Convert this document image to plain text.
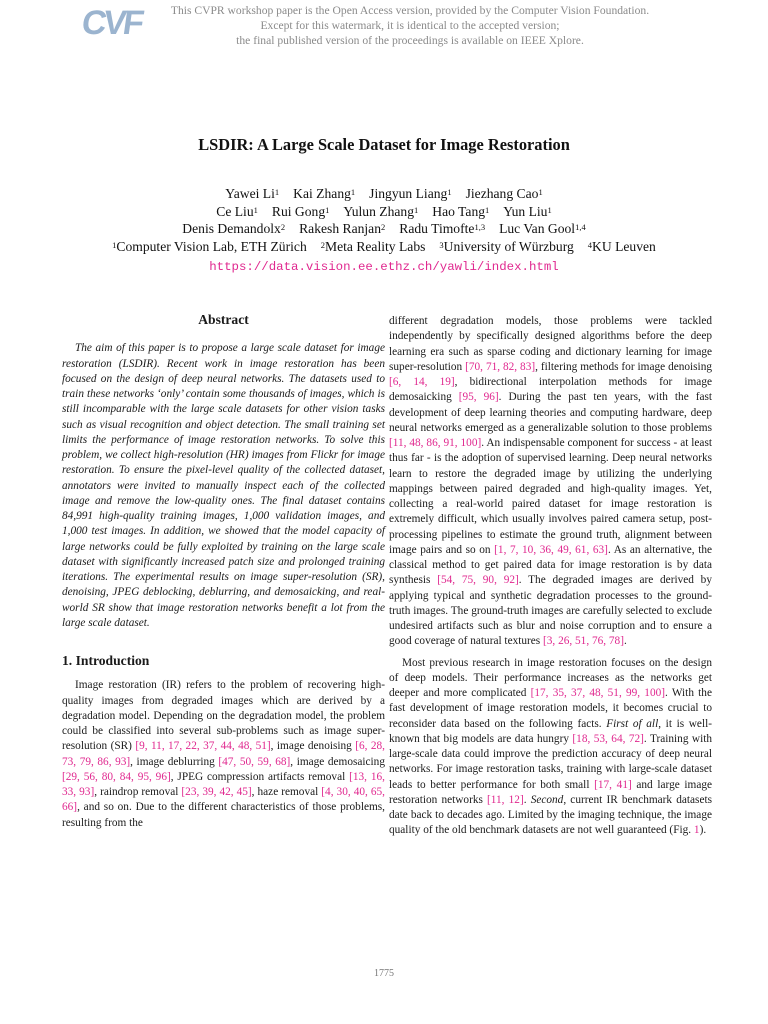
CVF	This CVPR workshop paper is the Open Access version, provided by the Computer Vision Foundation.
Except for this watermark, it is identical to the accepted version;
the final published version of the proceedings is available on IEEE Xplore.
LSDIR: A Large Scale Dataset for Image Restoration
Yawei Li$^1$ Kai Zhang$^1$ Jingyun Liang$^1$ Jiezhang Cao$^1$
Ce Liu$^1$ Rui Gong$^1$ Yulun Zhang$^1$ Hao Tang$^1$ Yun Liu$^1$
Denis Demandolx$^2$ Rakesh Ranjan$^2$ Radu Timofte$^{1,3}$ Luc Van Gool$^{1,4}$
$^1$Computer Vision Lab, ETH Zürich $^2$Meta Reality Labs $^3$University of Würzburg $^4$KU Leuven
https://data.vision.ee.ethz.ch/yawli/index.html
Abstract

The aim of this paper is to propose a large scale dataset for image restoration (LSDIR). Recent work in image restoration has been focused on the design of deep neural networks. The datasets used to train these networks ‘only’ contain some thousands of images, which is still incomparable with the large scale datasets for other vision tasks such as visual recognition and object detection. The small training set limits the performance of image restoration networks. To solve this problem, we collect high-resolution (HR) images from Flickr for image restoration. To ensure the pixel-level quality of the collected dataset, annotators were invited to manually inspect each of the collected image and remove the low-quality ones. The final dataset contains 84,991 high-quality training images, 1,000 validation images, and 1,000 test images. In addition, we showed that the model capacity of large networks could be fully exploited by training on the large scale dataset with significantly increased patch size and prolonged training iterations. The experimental results on image super-resolution (SR), denoising, JPEG deblocking, deblurring, and demosaicking, and real-world SR show that image restoration networks benefit a lot from the large scale dataset.

1. Introduction

Image restoration (IR) refers to the problem of recovering high-quality images from degraded images which are derived by a degradation model. Depending on the degradation model, the problem could be classified into several sub-problems such as image super-resolution (SR) [9, 11, 17, 22, 37, 44, 48, 51], image denoising [6, 28, 73, 79, 86, 93], image deblurring [47, 50, 59, 68], image demosaicing [29, 56, 80, 84, 95, 96], JPEG compression artifacts removal [13, 16, 33, 93], raindrop removal [23, 39, 42, 45], haze removal [4, 30, 40, 65, 66], and so on. Due to the different characteristics of those problems, resulting from the

different degradation models, those problems were tackled independently by specifically designed algorithms before the deep learning era such as sparse coding and dictionary learning for image super-resolution [70, 71, 82, 83], filtering methods for image denoising [6, 14, 19], bidirectional interpolation methods for image demosaicking [95, 96]. During the past ten years, with the fast development of deep learning theories and computing hardware, deep neural networks emerged as a generalizable solution to those problems [11, 48, 86, 91, 100]. An indispensable component for success - at least thus far - is the adoption of supervised learning. Deep neural networks learn to restore the degraded image by utilizing the underlying mappings between paired degraded and high-quality images. Yet, collecting a real-world paired dataset for image restoration is extremely difficult, which usually involves paired camera setup, post-processing pipelines to estimate the ground truth, alignment between image pairs and so on [1, 7, 10, 36, 49, 61, 63]. As an alternative, the classical method to get paired data for image restoration is by data synthesis [54, 75, 90, 92]. The degraded images are derived by applying typical and synthetic degradation processes to the ground-truth images. The ground-truth images are carefully selected to exclude undesired artifacts such as blur and noise corruption and to ensure a good coverage of natural textures [3, 26, 51, 76, 78].

Most previous research in image restoration focuses on the design of deep models. Their performance increases as the networks get deeper and more complicated [17, 35, 37, 48, 51, 99, 100]. With the fast development of image restoration models, it becomes crucial to reconsider data based on the following facts. First of all, it is well-known that big models are data hungry [18, 53, 64, 72]. Training with large-scale data could improve the prediction accuracy of deep neural networks. For image restoration tasks, training with large-scale dataset leads to better performance for both small [17, 41] and large image restoration networks [11, 12]. Second, current IR benchmark datasets date back to decades ago. Limited by the imaging technique, the image quality of the old benchmark datasets are not well guaranteed (Fig. 1).

1775
